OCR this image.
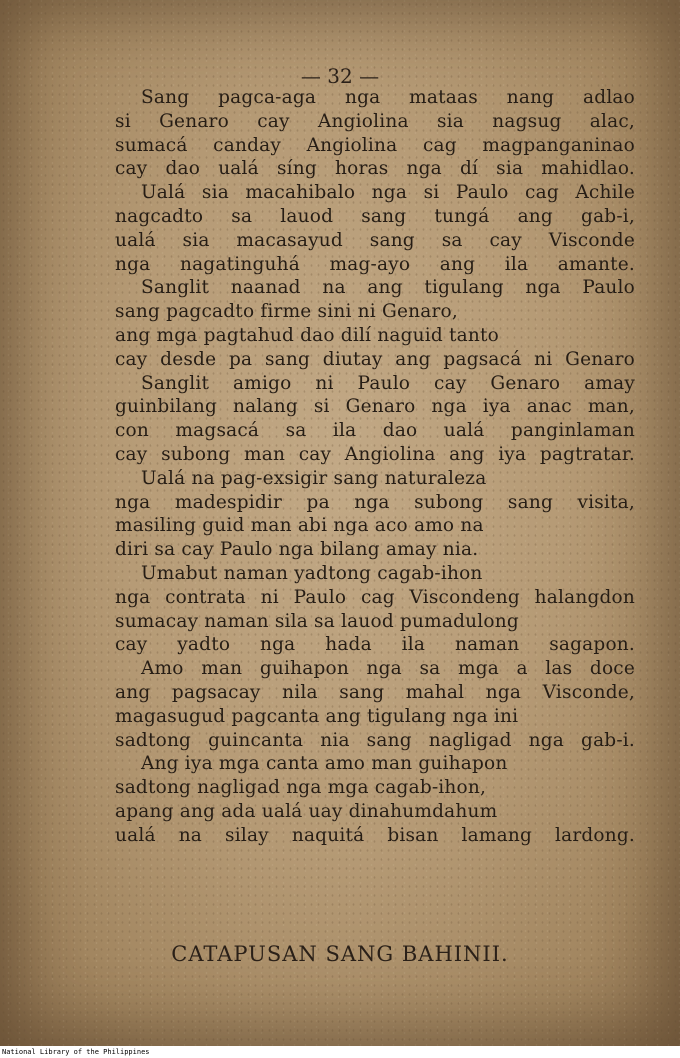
— 32 —
Sang pagca-aga nga mataas nang adlao
si Genaro cay Angiolina sia nagsug alac,
sumacá canday Angiolina cag magpanganinao
cay dao ualá síng horas nga dí sia mahidlao.
Ualá sia macahibalo nga si Paulo cag Achile
nagcadto sa lauod sang tungá ang gab-i,
ualá sia macasayud sang sa cay Visconde
nga nagatinguhá mag-ayo ang ila amante.
Sanglit naanad na ang tigulang nga Paulo
sang pagcadto firme sini ni Genaro,
ang mga pagtahud dao dilí naguid tanto
cay desde pa sang diutay ang pagsacá ni Genaro
Sanglit amigo ni Paulo cay Genaro amay
guinbilang nalang si Genaro nga iya anac man,
con magsacá sa ila dao ualá panginlaman
cay subong man cay Angiolina ang iya pagtratar.
Ualá na pag-exsigir sang naturaleza
nga madespidir pa nga subong sang visita,
masiling guid man abi nga aco amo na
diri sa cay Paulo nga bilang amay nia.
Umabut naman yadtong cagab-ihon
nga contrata ni Paulo cag Viscondeng halangdon
sumacay naman sila sa lauod pumadulong
cay yadto nga hada ila naman sagapon.
Amo man guihapon nga sa mga a las doce
ang pagsacay nila sang mahal nga Visconde,
magasugud pagcanta ang tigulang nga ini
sadtong guincanta nia sang nagligad nga gab-i.
Ang iya mga canta amo man guihapon
sadtong nagligad nga mga cagab-ihon,
apang ang ada ualá uay dinahumdahum
ualá na silay naquitá bisan lamang lardong.
CATAPUSAN SANG BAHINII.
National Library of the Philippines
